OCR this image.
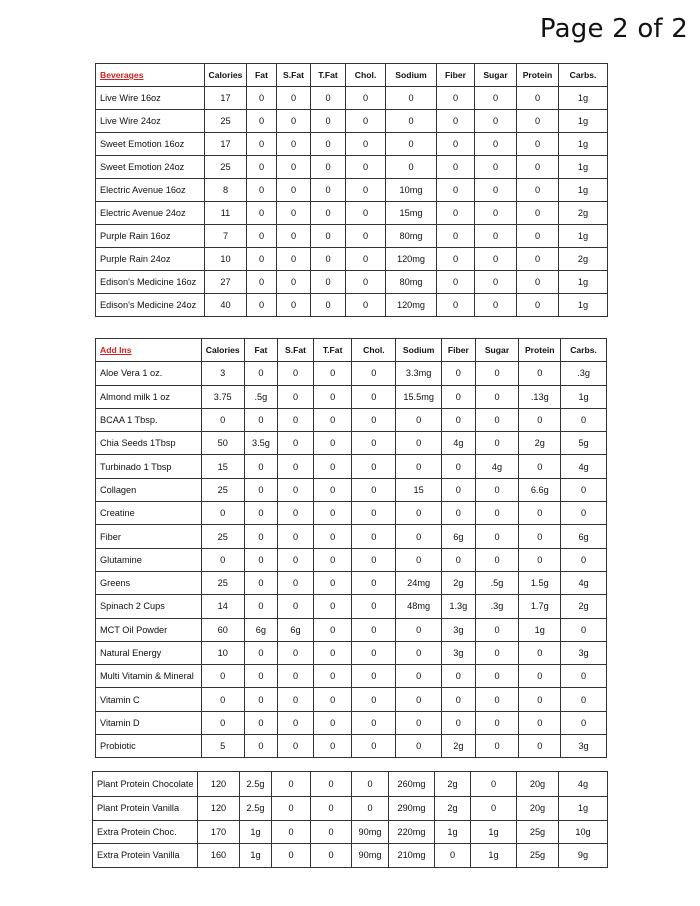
Page 2 of 2
Beverages	Calories	Fat	S.Fat	T.Fat	Chol.	Sodium	Fiber	Sugar	Protein	Carbs.
Live Wire 16oz	17	0	0	0	0	0	0	0	0	1g
Live Wire 24oz	25	0	0	0	0	0	0	0	0	1g
Sweet Emotion 16oz	17	0	0	0	0	0	0	0	0	1g
Sweet Emotion 24oz	25	0	0	0	0	0	0	0	0	1g
Electric Avenue 16oz	8	0	0	0	0	10mg	0	0	0	1g
Electric Avenue 24oz	11	0	0	0	0	15mg	0	0	0	2g
Purple Rain 16oz	7	0	0	0	0	80mg	0	0	0	1g
Purple Rain 24oz	10	0	0	0	0	120mg	0	0	0	2g
Edison's Medicine 16oz	27	0	0	0	0	80mg	0	0	0	1g
Edison's Medicine 24oz	40	0	0	0	0	120mg	0	0	0	1g
Add Ins	Calories	Fat	S.Fat	T.Fat	Chol.	Sodium	Fiber	Sugar	Protein	Carbs.
Aloe Vera 1 oz.	3	0	0	0	0	3.3mg	0	0	0	.3g
Almond milk 1 oz	3.75	.5g	0	0	0	15.5mg	0	0	.13g	1g
BCAA 1 Tbsp.	0	0	0	0	0	0	0	0	0	0
Chia Seeds 1Tbsp	50	3.5g	0	0	0	0	4g	0	2g	5g
Turbinado 1 Tbsp	15	0	0	0	0	0	0	4g	0	4g
Collagen	25	0	0	0	0	15	0	0	6.6g	0
Creatine	0	0	0	0	0	0	0	0	0	0
Fiber	25	0	0	0	0	0	6g	0	0	6g
Glutamine	0	0	0	0	0	0	0	0	0	0
Greens	25	0	0	0	0	24mg	2g	.5g	1.5g	4g
Spinach 2 Cups	14	0	0	0	0	48mg	1.3g	.3g	1.7g	2g
MCT Oil Powder	60	6g	6g	0	0	0	3g	0	1g	0
Natural Energy	10	0	0	0	0	0	3g	0	0	3g
Multi Vitamin & Mineral	0	0	0	0	0	0	0	0	0	0
Vitamin C	0	0	0	0	0	0	0	0	0	0
Vitamin D	0	0	0	0	0	0	0	0	0	0
Probiotic	5	0	0	0	0	0	2g	0	0	3g
Plant Protein Chocolate	120	2.5g	0	0	0	260mg	2g	0	20g	4g
Plant Protein Vanilla	120	2.5g	0	0	0	290mg	2g	0	20g	1g
Extra Protein Choc.	170	1g	0	0	90mg	220mg	1g	1g	25g	10g
Extra Protein Vanilla	160	1g	0	0	90mg	210mg	0	1g	25g	9g
